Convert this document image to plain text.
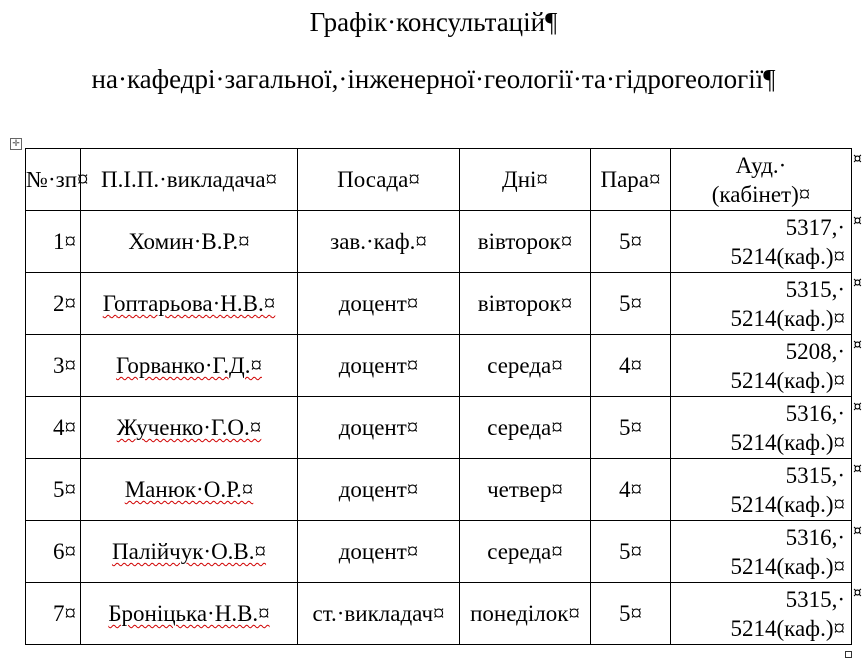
Графік·консультацій¶
на·кафедрі·загальної,·інженерної·геології·та·гідрогеології¶
✛
№·зп¤	П.І.П.·викладача¤	Посада¤	Дні¤	Пара¤	Ауд.·
(кабінет)¤

1¤	Хомин·В.Р.¤	зав.·каф.¤	вівторок¤	5¤	5317,·
5214(каф.)¤

2¤	Гоптарьова·Н.В.¤	доцент¤	вівторок¤	5¤	5315,·
5214(каф.)¤

3¤	Горванко·Г.Д.¤	доцент¤	середа¤	4¤	5208,·
5214(каф.)¤

4¤	Жученко·Г.О.¤	доцент¤	середа¤	5¤	5316,·
5214(каф.)¤

5¤	Манюк·О.Р.¤	доцент¤	четвер¤	4¤	5315,·
5214(каф.)¤

6¤	Палійчук·О.В.¤	доцент¤	середа¤	5¤	5316,·
5214(каф.)¤

7¤	Броніцька·Н.В.¤	ст.·викладач¤	понеділок¤	5¤	5315,·
5214(каф.)¤
¤
¤
¤
¤
¤
¤
¤
¤
